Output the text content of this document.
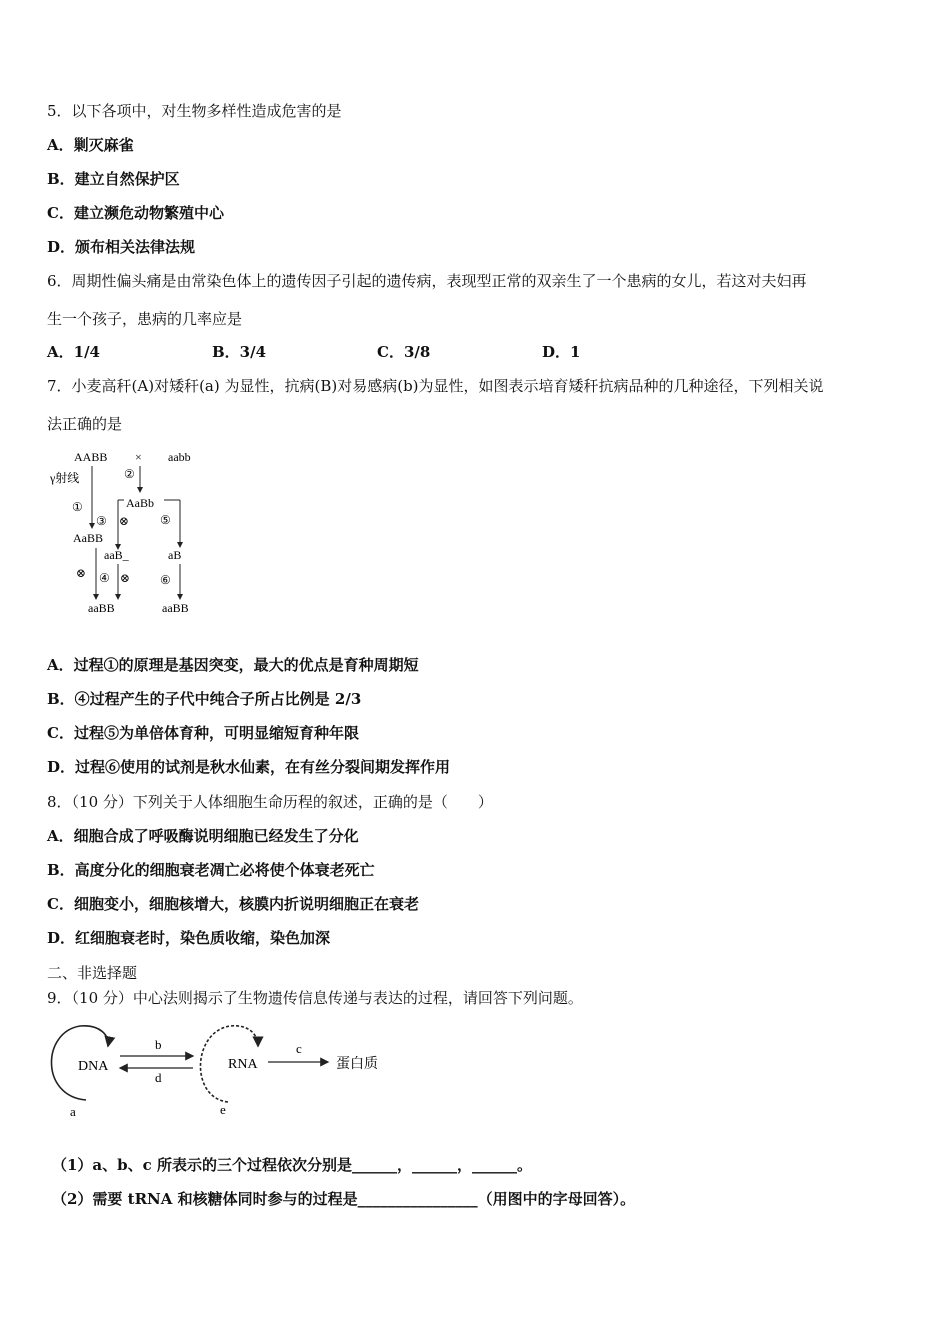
5．以下各项中，对生物多样性造成危害的是
A．剿灭麻雀
B．建立自然保护区
C．建立濒危动物繁殖中心
D．颁布相关法律法规
6．周期性偏头痛是由常染色体上的遗传因子引起的遗传病，表现型正常的双亲生了一个患病的女儿，若这对夫妇再
生一个孩子，患病的几率应是
A．1/4	B．3/4	C．3/8	D．1
7．小麦高秆(A)对矮秆(a) 为显性，抗病(B)对易感病(b)为显性，如图表示培育矮秆抗病品种的几种途径，下列相关说
法正确的是
AABB × aabb
γ射线
①
②
AaBb
③ ⊗	⑤
AaBB
aaB_	aB
⊗ ④ ⊗ ⑥
aaBB	aaBB
A．过程①的原理是基因突变，最大的优点是育种周期短
B．④过程产生的子代中纯合子所占比例是 2/3
C．过程⑤为单倍体育种，可明显缩短育种年限
D．过程⑥使用的试剂是秋水仙素，在有丝分裂间期发挥作用
8．（10 分）下列关于人体细胞生命历程的叙述，正确的是（　　）
A．细胞合成了呼吸酶说明细胞已经发生了分化
B．高度分化的细胞衰老凋亡必将使个体衰老死亡
C．细胞变小，细胞核增大，核膜内折说明细胞正在衰老
D．红细胞衰老时，染色质收缩，染色加深
二、非选择题
9．（10 分）中心法则揭示了生物遗传信息传递与表达的过程，请回答下列问题。
DNA
a
b
d
RNA
e
c
蛋白质
（1）a、b、c 所表示的三个过程依次分别是______，______，______。
（2）需要 tRNA 和核糖体同时参与的过程是________________（用图中的字母回答）。
